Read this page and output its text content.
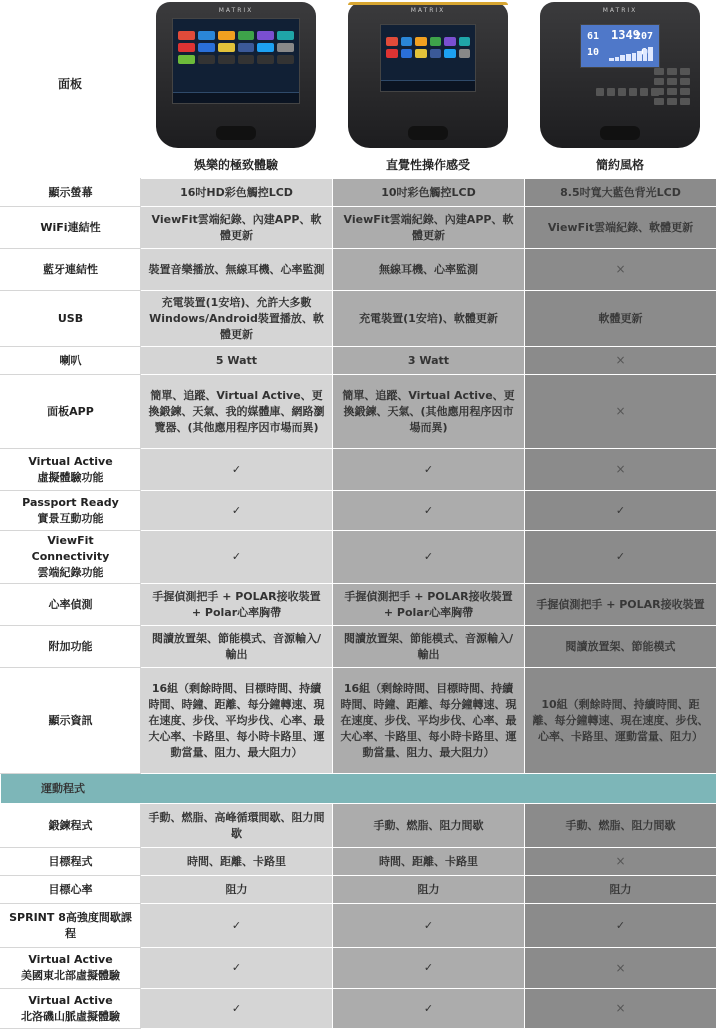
面板
MATRIX
娛樂的極致體驗
MATRIX
直覺性操作感受
MATRIX
61 1349
207
10
簡約風格
顯示螢幕	16吋HD彩色觸控LCD	10吋彩色觸控LCD	8.5吋寬大藍色背光LCD
WiFi連結性	ViewFit雲端紀錄、內建APP、軟體更新	ViewFit雲端紀錄、內建APP、軟體更新	ViewFit雲端紀錄、軟體更新
藍牙連結性	裝置音樂播放、無線耳機、心率監測	無線耳機、心率監測	×
USB	充電裝置(1安培)、允許大多數Windows/Android裝置播放、軟體更新	充電裝置(1安培)、軟體更新	軟體更新
喇叭	5 Watt	3 Watt	×
面板APP	簡單、追蹤、Virtual Active、更換鍛鍊、天氣、我的媒體庫、網路瀏覽器、(其他應用程序因市場而異)	簡單、追蹤、Virtual Active、更換鍛鍊、天氣、(其他應用程序因市場而異)	×
Virtual Active
虛擬體驗功能	✓	✓	×
Passport Ready
實景互動功能	✓	✓	✓
ViewFit Connectivity
雲端紀錄功能	✓	✓	✓
心率偵測	手握偵測把手 + POLAR接收裝置 + Polar心率胸帶	手握偵測把手 + POLAR接收裝置 + Polar心率胸帶	手握偵測把手 + POLAR接收裝置
附加功能	閱讀放置架、節能模式、音源輸入/輸出	閱讀放置架、節能模式、音源輸入/輸出	閱讀放置架、節能模式
顯示資訊	16組（剩餘時間、目標時間、持續時間、時鐘、距離、每分鐘轉速、現在速度、步伐、平均步伐、心率、最大心率、卡路里、每小時卡路里、運動當量、阻力、最大阻力）	16組（剩餘時間、目標時間、持續時間、時鐘、距離、每分鐘轉速、現在速度、步伐、平均步伐、心率、最大心率、卡路里、每小時卡路里、運動當量、阻力、最大阻力）	10組（剩餘時間、持續時間、距離、每分鐘轉速、現在速度、步伐、心率、卡路里、運動當量、阻力）
運動程式			
鍛鍊程式	手動、燃脂、高峰循環間歇、阻力間歇	手動、燃脂、阻力間歇	手動、燃脂、阻力間歇
目標程式	時間、距離、卡路里	時間、距離、卡路里	×
目標心率	阻力	阻力	阻力
SPRINT 8高強度間歇課程	✓	✓	✓
Virtual Active
美國東北部虛擬體驗	✓	✓	×
Virtual Active
北洛磯山脈虛擬體驗	✓	✓	×
